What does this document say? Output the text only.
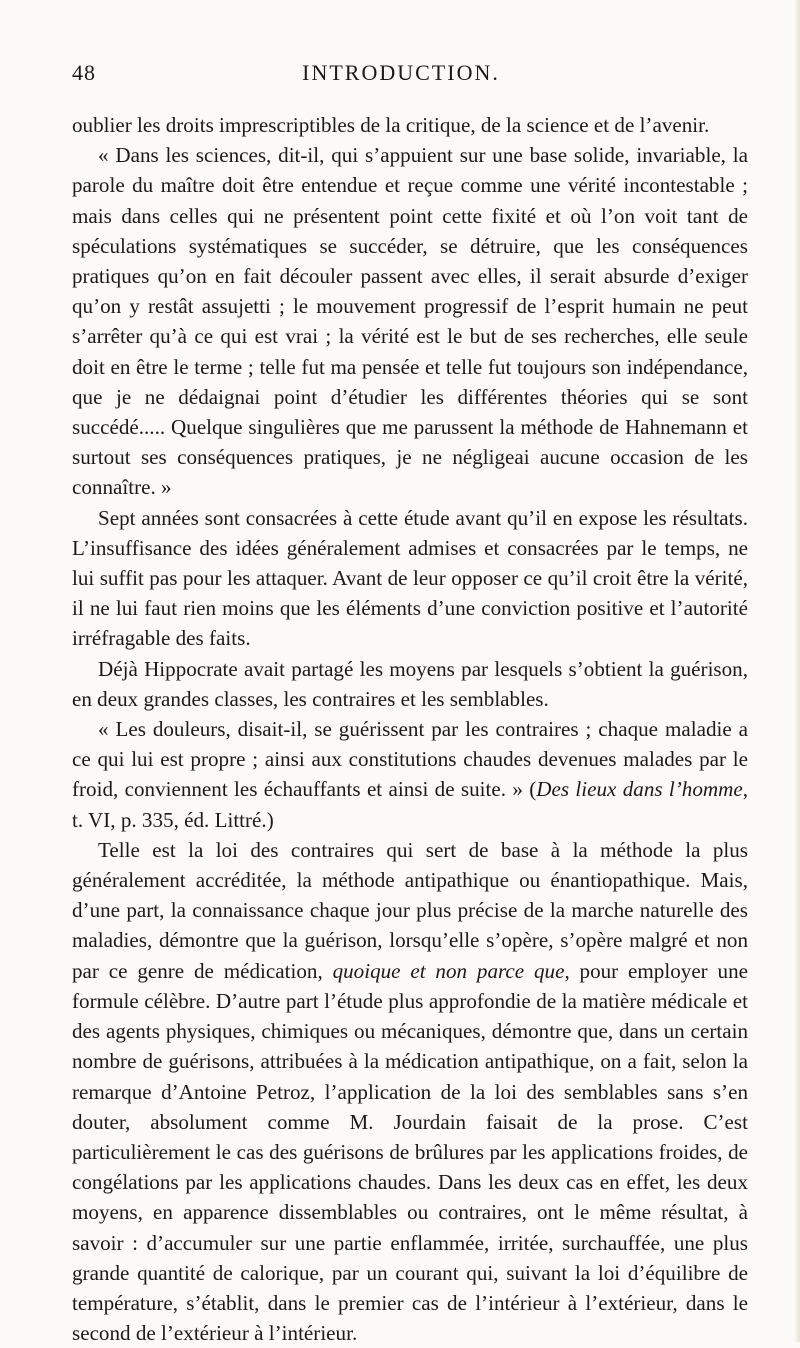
48	INTRODUCTION.

oublier les droits imprescriptibles de la critique, de la science et de l’avenir.

« Dans les sciences, dit-il, qui s’appuient sur une base solide, invariable, la parole du maître doit être entendue et reçue comme une vérité incontestable ; mais dans celles qui ne présentent point cette fixité et où l’on voit tant de spéculations systématiques se succéder, se détruire, que les conséquences pratiques qu’on en fait découler passent avec elles, il serait absurde d’exiger qu’on y restât assujetti ; le mouvement progressif de l’esprit humain ne peut s’arrêter qu’à ce qui est vrai ; la vérité est le but de ses recherches, elle seule doit en être le terme ; telle fut ma pensée et telle fut toujours son indépendance, que je ne dédaignai point d’étudier les différentes théories qui se sont succédé..... Quelque singulières que me parussent la méthode de Hahnemann et surtout ses conséquences pratiques, je ne négligeai aucune occasion de les connaître. »

Sept années sont consacrées à cette étude avant qu’il en expose les résultats. L’insuffisance des idées généralement admises et consacrées par le temps, ne lui suffit pas pour les attaquer. Avant de leur opposer ce qu’il croit être la vérité, il ne lui faut rien moins que les éléments d’une conviction positive et l’autorité irréfragable des faits.

Déjà Hippocrate avait partagé les moyens par lesquels s’obtient la guérison, en deux grandes classes, les contraires et les semblables.

« Les douleurs, disait-il, se guérissent par les contraires ; chaque maladie a ce qui lui est propre ; ainsi aux constitutions chaudes devenues malades par le froid, conviennent les échauffants et ainsi de suite. » (Des lieux dans l’homme, t. VI, p. 335, éd. Littré.)

Telle est la loi des contraires qui sert de base à la méthode la plus généralement accréditée, la méthode antipathique ou énantiopathique. Mais, d’une part, la connaissance chaque jour plus précise de la marche naturelle des maladies, démontre que la guérison, lorsqu’elle s’opère, s’opère malgré et non par ce genre de médication, quoique et non parce que, pour employer une formule célèbre. D’autre part l’étude plus approfondie de la matière médicale et des agents physiques, chimiques ou mécaniques, démontre que, dans un certain nombre de guérisons, attribuées à la médication antipathique, on a fait, selon la remarque d’Antoine Petroz, l’application de la loi des semblables sans s’en douter, absolument comme M. Jourdain faisait de la prose. C’est particulièrement le cas des guérisons de brûlures par les applications froides, de congélations par les applications chaudes. Dans les deux cas en effet, les deux moyens, en apparence dissemblables ou contraires, ont le même résultat, à savoir : d’accumuler sur une partie enflammée, irritée, surchauffée, une plus grande quantité de calorique, par un courant qui, suivant la loi d’équilibre de température, s’établit, dans le premier cas de l’intérieur à l’extérieur, dans le second de l’extérieur à l’intérieur.
